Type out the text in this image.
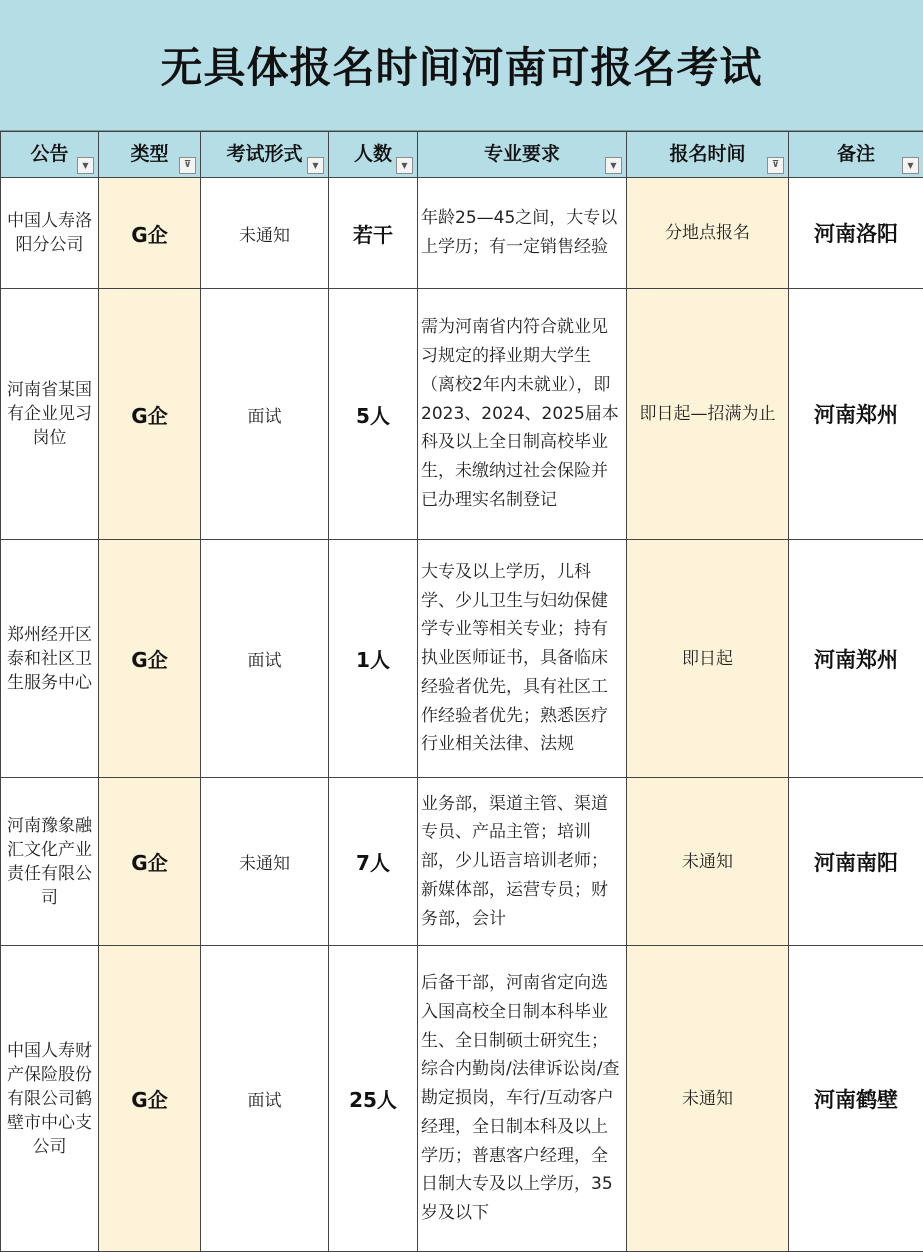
无具体报名时间河南可报名考试
公告 ▼	类型 ⊽	考试形式 ▼	人数 ▼	专业要求 ▼	报名时间 ⊽	备注 ▼

中国人寿洛阳分公司	G企	未通知	若干	年龄25—45之间，大专以上学历；有一定销售经验	分地点报名	河南洛阳
河南省某国有企业见习岗位	G企	面试	5人	需为河南省内符合就业见习规定的择业期大学生（离校2年内未就业），即2023、2024、2025届本科及以上全日制高校毕业生，未缴纳过社会保险并已办理实名制登记	即日起—招满为止	河南郑州
郑州经开区泰和社区卫生服务中心	G企	面试	1人	大专及以上学历，儿科学、少儿卫生与妇幼保健学专业等相关专业；持有执业医师证书，具备临床经验者优先，具有社区工作经验者优先；熟悉医疗行业相关法律、法规	即日起	河南郑州
河南豫象融汇文化产业责任有限公司	G企	未通知	7人	业务部，渠道主管、渠道专员、产品主管；培训部，少儿语言培训老师；新媒体部，运营专员；财务部，会计	未通知	河南南阳
中国人寿财产保险股份有限公司鹤壁市中心支公司	G企	面试	25人	后备干部，河南省定向选入国高校全日制本科毕业生、全日制硕士研究生；综合内勤岗/法律诉讼岗/查勘定损岗，车行/互动客户经理，全日制本科及以上学历；普惠客户经理，全日制大专及以上学历，35岁及以下	未通知	河南鹤壁
